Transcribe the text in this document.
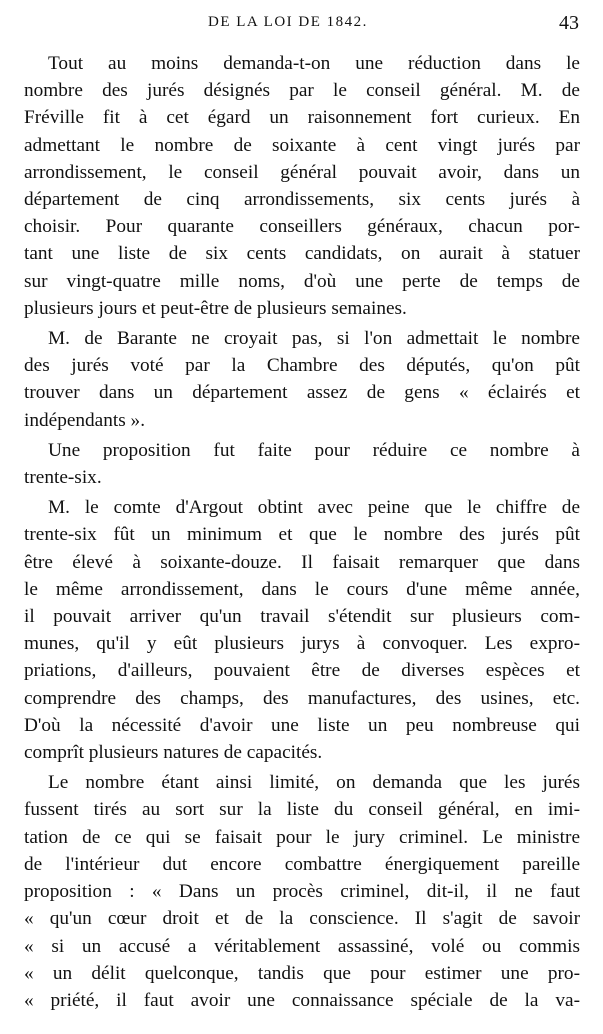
DE LA LOI DE 1842.	43
Tout au moins demanda-t-on une réduction dans le
nombre des jurés désignés par le conseil général. M. de
Fréville fit à cet égard un raisonnement fort curieux. En
admettant le nombre de soixante à cent vingt jurés par
arrondissement, le conseil général pouvait avoir, dans un
département de cinq arrondissements, six cents jurés à
choisir. Pour quarante conseillers généraux, chacun por-
tant une liste de six cents candidats, on aurait à statuer
sur vingt-quatre mille noms, d'où une perte de temps de
plusieurs jours et peut-être de plusieurs semaines.
M. de Barante ne croyait pas, si l'on admettait le nombre
des jurés voté par la Chambre des députés, qu'on pût
trouver dans un département assez de gens « éclairés et
indépendants ».
Une proposition fut faite pour réduire ce nombre à
trente-six.
M. le comte d'Argout obtint avec peine que le chiffre de
trente-six fût un minimum et que le nombre des jurés pût
être élevé à soixante-douze. Il faisait remarquer que dans
le même arrondissement, dans le cours d'une même année,
il pouvait arriver qu'un travail s'étendit sur plusieurs com-
munes, qu'il y eût plusieurs jurys à convoquer. Les expro-
priations, d'ailleurs, pouvaient être de diverses espèces et
comprendre des champs, des manufactures, des usines, etc.
D'où la nécessité d'avoir une liste un peu nombreuse qui
comprît plusieurs natures de capacités.
Le nombre étant ainsi limité, on demanda que les jurés
fussent tirés au sort sur la liste du conseil général, en imi-
tation de ce qui se faisait pour le jury criminel. Le ministre
de l'intérieur dut encore combattre énergiquement pareille
proposition : « Dans un procès criminel, dit-il, il ne faut
« qu'un cœur droit et de la conscience. Il s'agit de savoir
« si un accusé a véritablement assassiné, volé ou commis
« un délit quelconque, tandis que pour estimer une pro-
« priété, il faut avoir une connaissance spéciale de la va-
